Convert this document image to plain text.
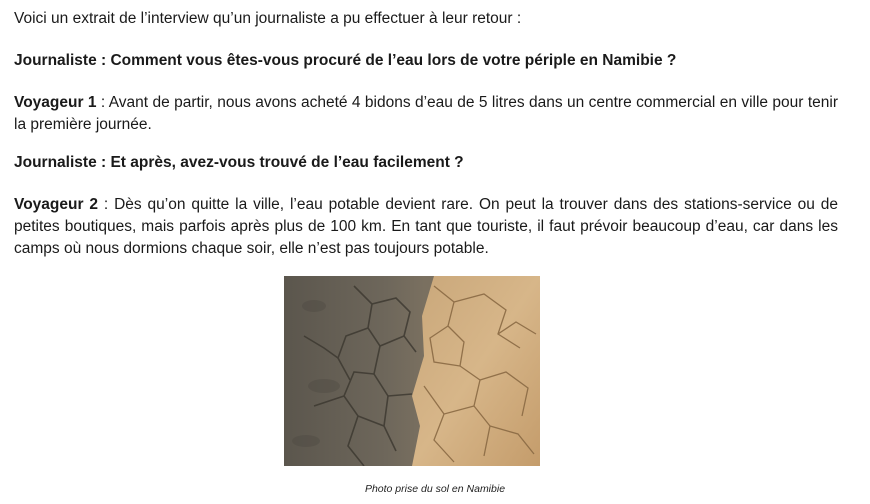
Voici un extrait de l’interview qu’un journaliste a pu effectuer à leur retour :

Journaliste : Comment vous êtes-vous procuré de l’eau lors de votre périple en Namibie ?

Voyageur 1 : Avant de partir, nous avons acheté 4 bidons d’eau de 5 litres dans un centre commercial en ville pour tenir la première journée.

Journaliste : Et après, avez-vous trouvé de l’eau facilement ?

Voyageur 2 : Dès qu’on quitte la ville, l’eau potable devient rare. On peut la trouver dans des stations-service ou de petites boutiques, mais parfois après plus de 100 km. En tant que touriste, il faut prévoir beaucoup d’eau, car dans les camps où nous dormions chaque soir, elle n’est pas toujours potable.

Photo prise du sol en Namibie
